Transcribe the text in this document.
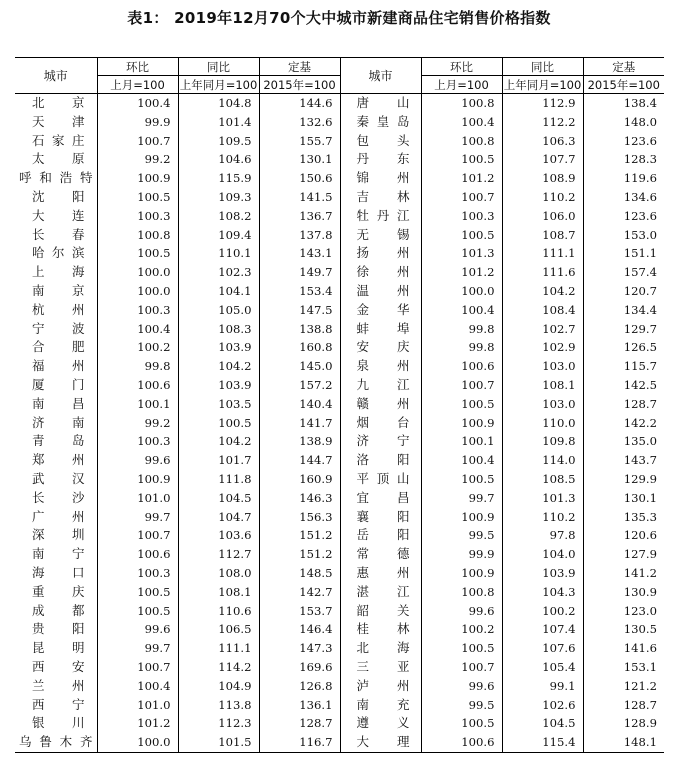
表1： 2019年12月70个大中城市新建商品住宅销售价格指数
城市	环比	同比	定基	城市	环比	同比	定基
	上月=100	上年同月=100	2015年=100		上月=100	上年同月=100	2015年=100
北　京	100.4	104.8	144.6	唐　山	100.8	112.9	138.4
天　津	99.9	101.4	132.6	秦皇岛	100.4	112.2	148.0
石家庄	100.7	109.5	155.7	包　头	100.8	106.3	123.6
太　原	99.2	104.6	130.1	丹　东	100.5	107.7	128.3
呼和浩特	100.9	115.9	150.6	锦　州	101.2	108.9	119.6
沈　阳	100.5	109.3	141.5	吉　林	100.7	110.2	134.6
大　连	100.3	108.2	136.7	牡丹江	100.3	106.0	123.6
长　春	100.8	109.4	137.8	无　锡	100.5	108.7	153.0
哈尔滨	100.5	110.1	143.1	扬　州	101.3	111.1	151.1
上　海	100.0	102.3	149.7	徐　州	101.2	111.6	157.4
南　京	100.0	104.1	153.4	温　州	100.0	104.2	120.7
杭　州	100.3	105.0	147.5	金　华	100.4	108.4	134.4
宁　波	100.4	108.3	138.8	蚌　埠	99.8	102.7	129.7
合　肥	100.2	103.9	160.8	安　庆	99.8	102.9	126.5
福　州	99.8	104.2	145.0	泉　州	100.6	103.0	115.7
厦　门	100.6	103.9	157.2	九　江	100.7	108.1	142.5
南　昌	100.1	103.5	140.4	赣　州	100.5	103.0	128.7
济　南	99.2	100.5	141.7	烟　台	100.9	110.0	142.2
青　岛	100.3	104.2	138.9	济　宁	100.1	109.8	135.0
郑　州	99.6	101.7	144.7	洛　阳	100.4	114.0	143.7
武　汉	100.9	111.8	160.9	平顶山	100.5	108.5	129.9
长　沙	101.0	104.5	146.3	宜　昌	99.7	101.3	130.1
广　州	99.7	104.7	156.3	襄　阳	100.9	110.2	135.3
深　圳	100.7	103.6	151.2	岳　阳	99.5	97.8	120.6
南　宁	100.6	112.7	151.2	常　德	99.9	104.0	127.9
海　口	100.3	108.0	148.5	惠　州	100.9	103.9	141.2
重　庆	100.5	108.1	142.7	湛　江	100.8	104.3	130.9
成　都	100.5	110.6	153.7	韶　关	99.6	100.2	123.0
贵　阳	99.6	106.5	146.4	桂　林	100.2	107.4	130.5
昆　明	99.7	111.1	147.3	北　海	100.5	107.6	141.6
西　安	100.7	114.2	169.6	三　亚	100.7	105.4	153.1
兰　州	100.4	104.9	126.8	泸　州	99.6	99.1	121.2
西　宁	101.0	113.8	136.1	南　充	99.5	102.6	128.7
银　川	101.2	112.3	128.7	遵　义	100.5	104.5	128.9
乌鲁木齐	100.0	101.5	116.7	大　理	100.6	115.4	148.1
